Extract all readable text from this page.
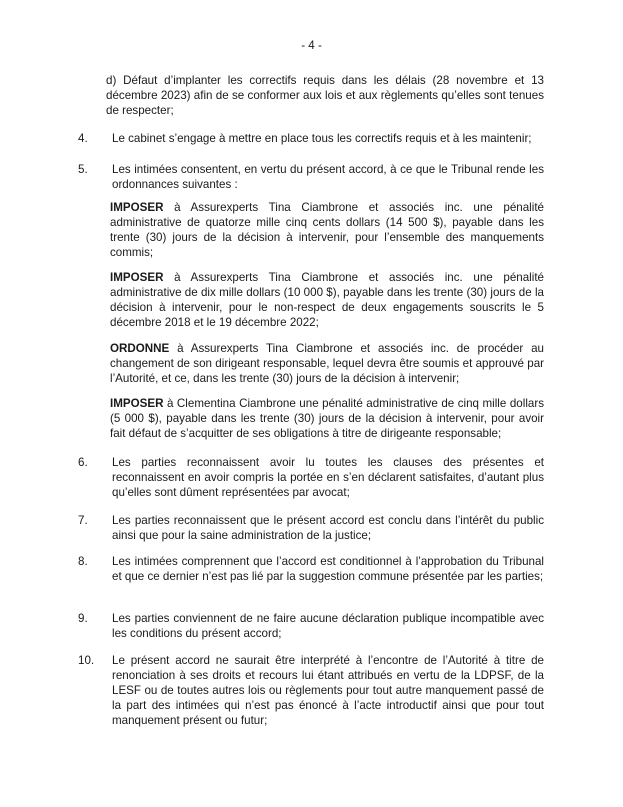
- 4 -
d) Défaut d’implanter les correctifs requis dans les délais (28 novembre et 13 décembre 2023) afin de se conformer aux lois et aux règlements qu’elles sont tenues de respecter;
4. Le cabinet s’engage à mettre en place tous les correctifs requis et à les maintenir;
5. Les intimées consentent, en vertu du présent accord, à ce que le Tribunal rende les ordonnances suivantes :
IMPOSER à Assurexperts Tina Ciambrone et associés inc. une pénalité administrative de quatorze mille cinq cents dollars (14 500 $), payable dans les trente (30) jours de la décision à intervenir, pour l’ensemble des manquements commis;
IMPOSER à Assurexperts Tina Ciambrone et associés inc. une pénalité administrative de dix mille dollars (10 000 $), payable dans les trente (30) jours de la décision à intervenir, pour le non-respect de deux engagements souscrits le 5 décembre 2018 et le 19 décembre 2022;
ORDONNE à Assurexperts Tina Ciambrone et associés inc. de procéder au changement de son dirigeant responsable, lequel devra être soumis et approuvé par l’Autorité, et ce, dans les trente (30) jours de la décision à intervenir;
IMPOSER à Clementina Ciambrone une pénalité administrative de cinq mille dollars (5 000 $), payable dans les trente (30) jours de la décision à intervenir, pour avoir fait défaut de s’acquitter de ses obligations à titre de dirigeante responsable;
6. Les parties reconnaissent avoir lu toutes les clauses des présentes et reconnaissent en avoir compris la portée en s’en déclarent satisfaites, d’autant plus qu’elles sont dûment représentées par avocat;
7. Les parties reconnaissent que le présent accord est conclu dans l’intérêt du public ainsi que pour la saine administration de la justice;
8. Les intimées comprennent que l’accord est conditionnel à l’approbation du Tribunal et que ce dernier n’est pas lié par la suggestion commune présentée par les parties;
9. Les parties conviennent de ne faire aucune déclaration publique incompatible avec les conditions du présent accord;
10. Le présent accord ne saurait être interprété à l’encontre de l’Autorité à titre de renonciation à ses droits et recours lui étant attribués en vertu de la LDPSF, de la LESF ou de toutes autres lois ou règlements pour tout autre manquement passé de la part des intimées qui n’est pas énoncé à l’acte introductif ainsi que pour tout manquement présent ou futur;
